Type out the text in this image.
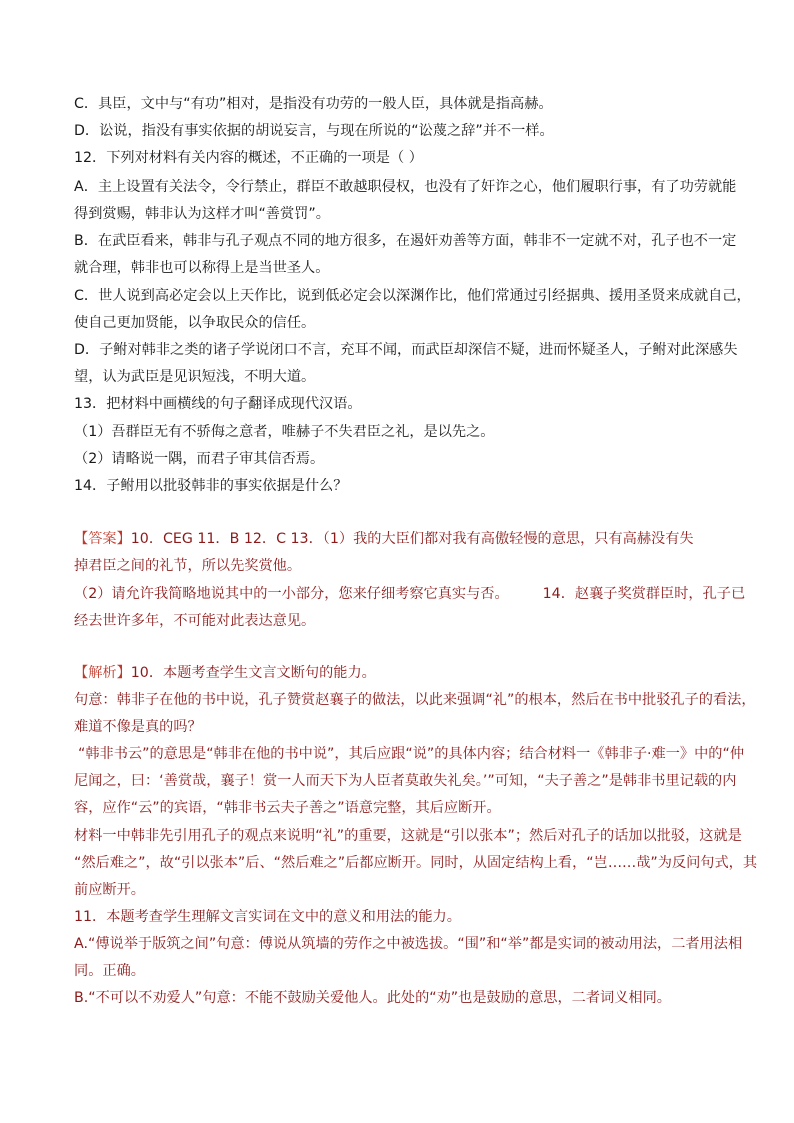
C．具臣，文中与“有功”相对，是指没有功劳的一般人臣，具体就是指高赫。
D．讼说，指没有事实依据的胡说妄言，与现在所说的“讼蔑之辞”并不一样。
12．下列对材料有关内容的概述，不正确的一项是（ ）
A．主上设置有关法令，令行禁止，群臣不敢越职侵权，也没有了奸诈之心，他们履职行事，有了功劳就能
得到赏赐，韩非认为这样才叫“善赏罚”。
B．在武臣看来，韩非与孔子观点不同的地方很多，在遏奸劝善等方面，韩非不一定就不对，孔子也不一定
就合理，韩非也可以称得上是当世圣人。
C．世人说到高必定会以上天作比，说到低必定会以深渊作比，他们常通过引经据典、援用圣贤来成就自己，
使自己更加贤能，以争取民众的信任。
D．子鲋对韩非之类的诸子学说闭口不言，充耳不闻，而武臣却深信不疑，进而怀疑圣人，子鲋对此深感失
望，认为武臣是见识短浅，不明大道。
13．把材料中画横线的句子翻译成现代汉语。
（1）吾群臣无有不骄侮之意者，唯赫子不失君臣之礼，是以先之。
（2）请略说一隅，而君子审其信否焉。
14．子鲋用以批驳韩非的事实依据是什么？
【答案】10．CEG 11．B 12．C 13．（1）我的大臣们都对我有高傲轻慢的意思，只有高赫没有失
掉君臣之间的礼节，所以先奖赏他。
（2）请允许我简略地说其中的一小部分，您来仔细考察它真实与否。 14．赵襄子奖赏群臣时，孔子已
经去世许多年，不可能对此表达意见。
【解析】10．本题考查学生文言文断句的能力。
句意：韩非子在他的书中说，孔子赞赏赵襄子的做法，以此来强调“礼”的根本，然后在书中批驳孔子的看法，
难道不像是真的吗？
“韩非书云”的意思是“韩非在他的书中说”，其后应跟“说”的具体内容；结合材料一《韩非子·难一》中的“仲
尼闻之，曰：‘善赏哉，襄子！赏一人而天下为人臣者莫敢失礼矣。’”可知，“夫子善之”是韩非书里记载的内
容，应作“云”的宾语，“韩非书云夫子善之”语意完整，其后应断开。
材料一中韩非先引用孔子的观点来说明“礼”的重要，这就是“引以张本”；然后对孔子的话加以批驳，这就是
“然后难之”，故“引以张本”后、“然后难之”后都应断开。同时，从固定结构上看，“岂……哉”为反问句式，其
前应断开。
11．本题考查学生理解文言实词在文中的意义和用法的能力。
A.“傅说举于版筑之间”句意：傅说从筑墙的劳作之中被选拔。“围”和“举”都是实词的被动用法，二者用法相
同。正确。
B.“不可以不劝爱人”句意：不能不鼓励关爱他人。此处的“劝”也是鼓励的意思，二者词义相同。
